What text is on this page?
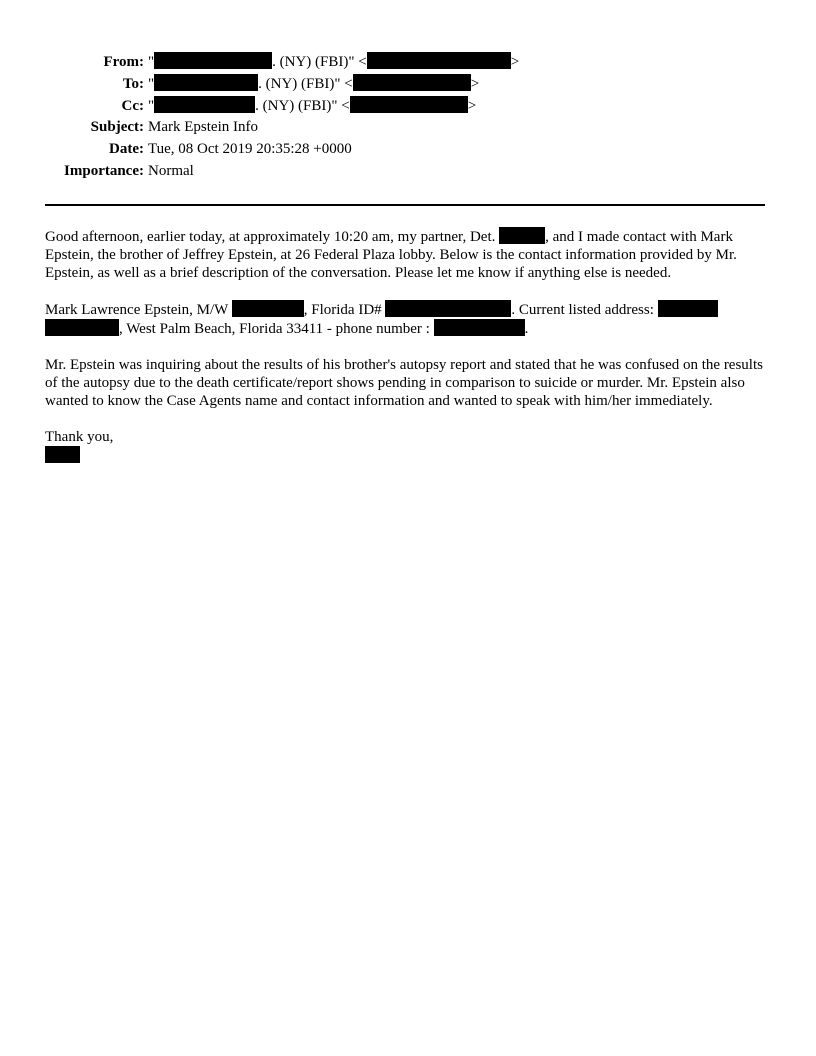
From: "	. (NY) (FBI)" <	>
To: "	. (NY) (FBI)" <	>
Cc: "	. (NY) (FBI)" <	>
Subject: Mark Epstein Info
Date: Tue, 08 Oct 2019 20:35:28 +0000
Importance: Normal

Good afternoon, earlier today, at approximately 10:20 am, my partner, Det.	, and I made contact with Mark Epstein, the brother of Jeffrey Epstein, at 26 Federal Plaza lobby. Below is the contact information provided by Mr. Epstein, as well as a brief description of the conversation. Please let me know if anything else is needed.

Mark Lawrence Epstein, M/W	, Florida ID#	. Current listed address:  , West Palm Beach, Florida 33411 - phone number :	.

Mr. Epstein was inquiring about the results of his brother's autopsy report and stated that he was confused on the results of the autopsy due to the death certificate/report shows pending in comparison to suicide or murder. Mr. Epstein also wanted to know the Case Agents name and contact information and wanted to speak with him/her immediately.

Thank you,
